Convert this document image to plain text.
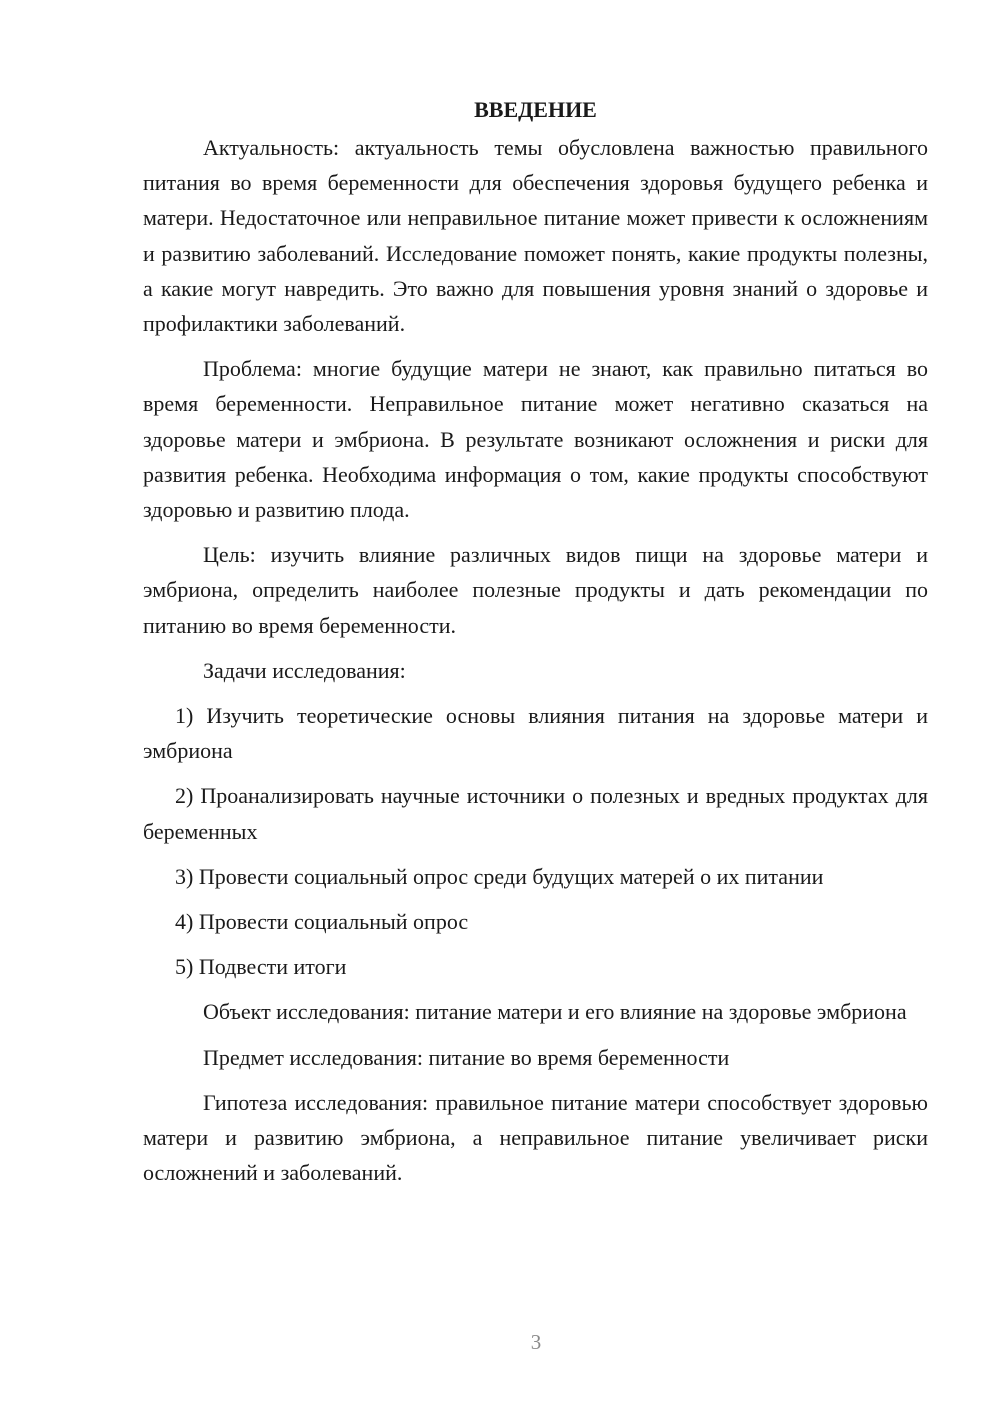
ВВЕДЕНИЕ

Актуальность: актуальность темы обусловлена важностью правильного питания во время беременности для обеспечения здоровья будущего ребенка и матери. Недостаточное или неправильное питание может привести к осложнениям и развитию заболеваний. Исследование поможет понять, какие продукты полезны, а какие могут навредить. Это важно для повышения уровня знаний о здоровье и профилактики заболеваний.

Проблема: многие будущие матери не знают, как правильно питаться во время беременности. Неправильное питание может негативно сказаться на здоровье матери и эмбриона. В результате возникают осложнения и риски для развития ребенка. Необходима информация о том, какие продукты способствуют здоровью и развитию плода.

Цель: изучить влияние различных видов пищи на здоровье матери и эмбриона, определить наиболее полезные продукты и дать рекомендации по питанию во время беременности.

Задачи исследования:

1) Изучить теоретические основы влияния питания на здоровье матери и эмбриона

2) Проанализировать научные источники о полезных и вредных продуктах для беременных

3) Провести социальный опрос среди будущих матерей о их питании

4) Провести социальный опрос

5) Подвести итоги

Объект исследования: питание матери и его влияние на здоровье эмбриона

Предмет исследования: питание во время беременности

Гипотеза исследования: правильное питание матери способствует здоровью матери и развитию эмбриона, а неправильное питание увеличивает риски осложнений и заболеваний.

3
